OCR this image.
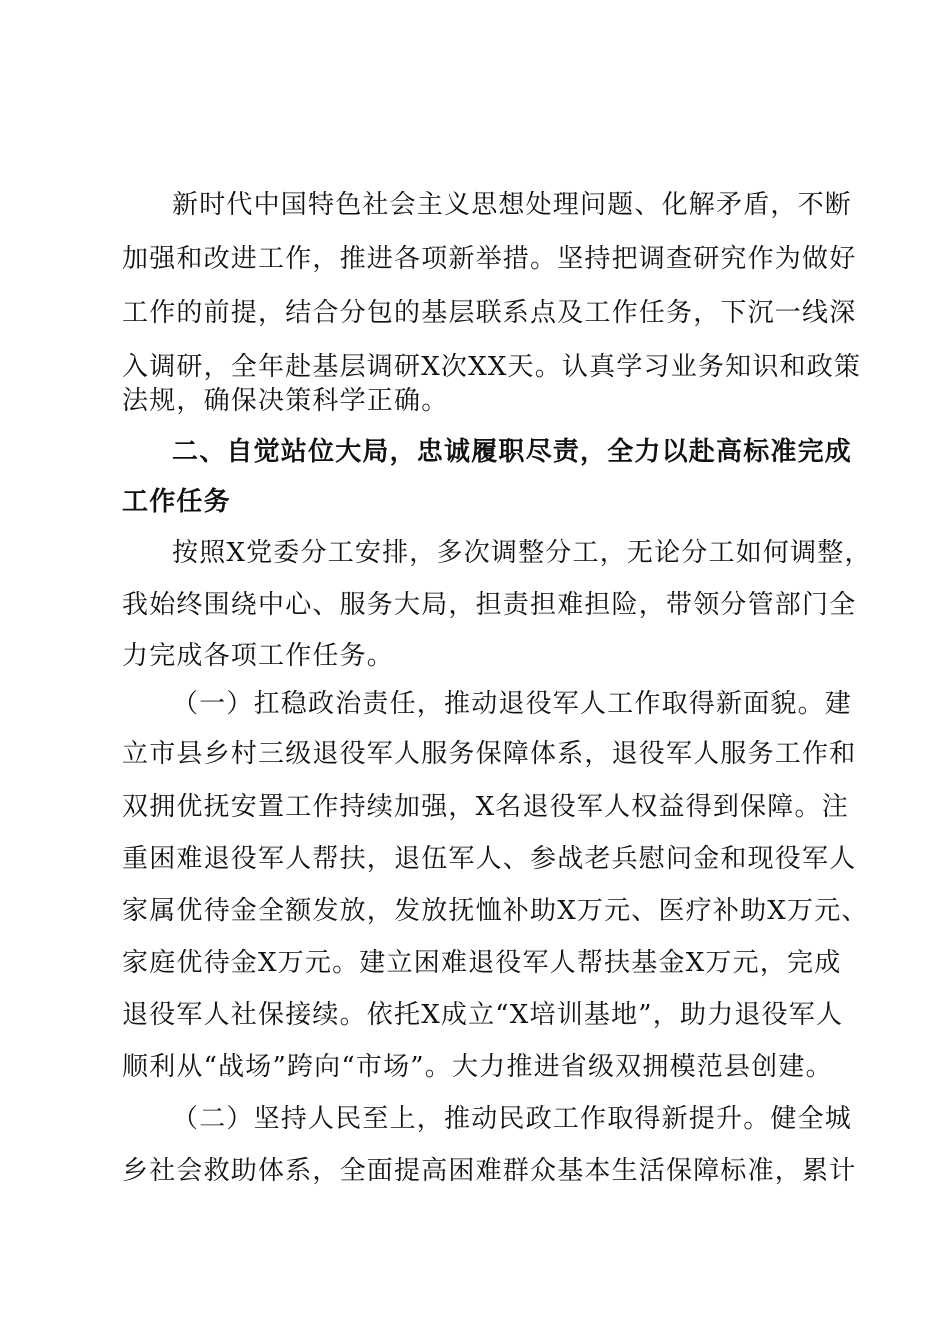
新时代中国特色社会主义思想处理问题、化解矛盾，不断
加强和改进工作，推进各项新举措。坚持把调查研究作为做好
工作的前提，结合分包的基层联系点及工作任务，下沉一线深
入调研，全年赴基层调研X次XX天。认真学习业务知识和政策
法规，确保决策科学正确。
二、自觉站位大局，忠诚履职尽责，全力以赴高标准完成
工作任务
按照X党委分工安排，多次调整分工，无论分工如何调整，
我始终围绕中心、服务大局，担责担难担险，带领分管部门全
力完成各项工作任务。
（一）扛稳政治责任，推动退役军人工作取得新面貌。建
立市县乡村三级退役军人服务保障体系，退役军人服务工作和
双拥优抚安置工作持续加强，X名退役军人权益得到保障。注
重困难退役军人帮扶，退伍军人、参战老兵慰问金和现役军人
家属优待金全额发放，发放抚恤补助X万元、医疗补助X万元、
家庭优待金X万元。建立困难退役军人帮扶基金X万元，完成
退役军人社保接续。依托X成立“X培训基地”，助力退役军人
顺利从“战场”跨向“市场”。大力推进省级双拥模范县创建。
（二）坚持人民至上，推动民政工作取得新提升。健全城
乡社会救助体系，全面提高困难群众基本生活保障标准，累计
